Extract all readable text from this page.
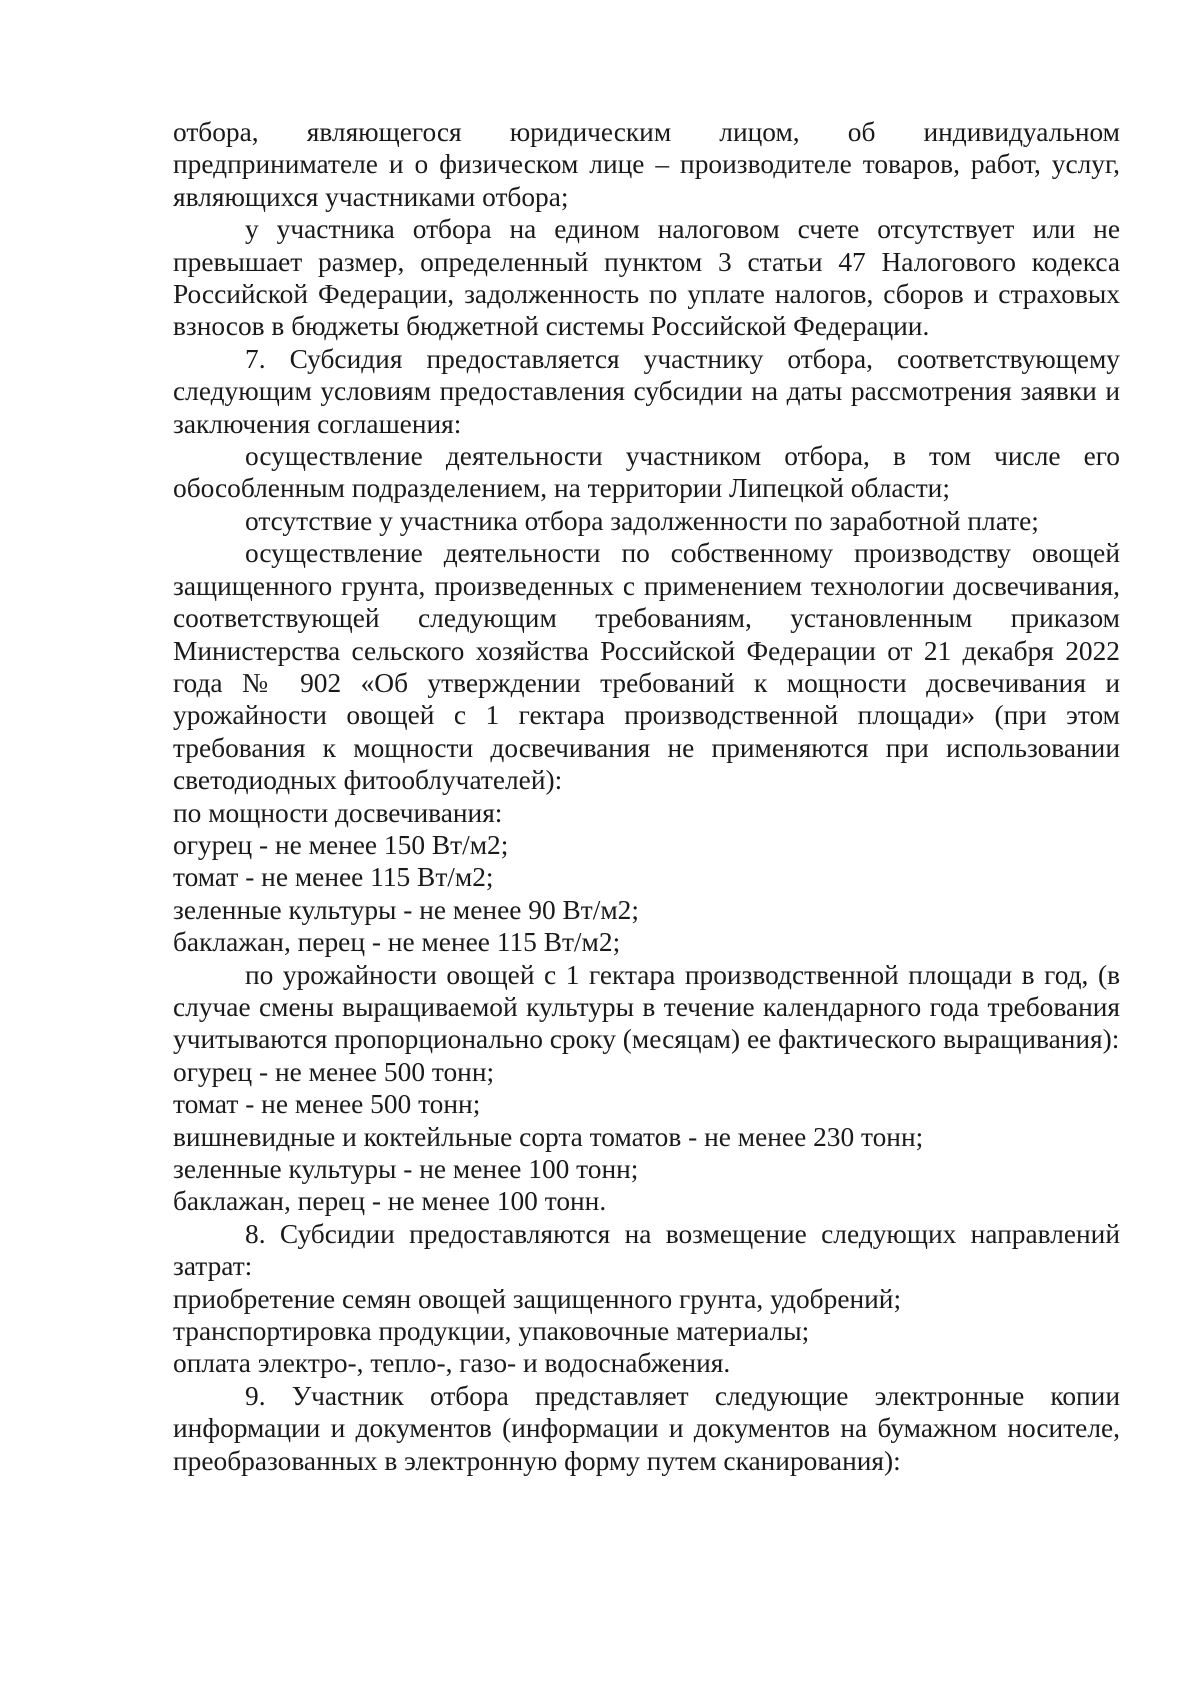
отбора, являющегося юридическим лицом, об индивидуальном предпринимателе и о физическом лице – производителе товаров, работ, услуг, являющихся участниками отбора;

у участника отбора на едином налоговом счете отсутствует или не превышает размер, определенный пунктом 3 статьи 47 Налогового кодекса Российской Федерации, задолженность по уплате налогов, сборов и страховых взносов в бюджеты бюджетной системы Российской Федерации.

7. Субсидия предоставляется участнику отбора, соответствующему следующим условиям предоставления субсидии на даты рассмотрения заявки и заключения соглашения:

осуществление деятельности участником отбора, в том числе его обособленным подразделением, на территории Липецкой области;

отсутствие у участника отбора задолженности по заработной плате;

осуществление деятельности по собственному производству овощей защищенного грунта, произведенных с применением технологии досвечивания, соответствующей следующим требованиям, установленным приказом Министерства сельского хозяйства Российской Федерации от 21 декабря 2022 года № 902 «Об утверждении требований к мощности досвечивания и урожайности овощей с 1 гектара производственной площади» (при этом требования к мощности досвечивания не применяются при использовании светодиодных фитооблучателей):

по мощности досвечивания:

огурец - не менее 150 Вт/м2;

томат - не менее 115 Вт/м2;

зеленные культуры - не менее 90 Вт/м2;

баклажан, перец - не менее 115 Вт/м2;

по урожайности овощей с 1 гектара производственной площади в год, (в случае смены выращиваемой культуры в течение календарного года требования учитываются пропорционально сроку (месяцам) ее фактического выращивания):

огурец - не менее 500 тонн;

томат - не менее 500 тонн;

вишневидные и коктейльные сорта томатов - не менее 230 тонн;

зеленные культуры - не менее 100 тонн;

баклажан, перец - не менее 100 тонн.

8. Субсидии предоставляются на возмещение следующих направлений затрат:

приобретение семян овощей защищенного грунта, удобрений;

транспортировка продукции, упаковочные материалы;

оплата электро-, тепло-, газо- и водоснабжения.

9. Участник отбора представляет следующие электронные копии информации и документов (информации и документов на бумажном носителе, преобразованных в электронную форму путем сканирования):
